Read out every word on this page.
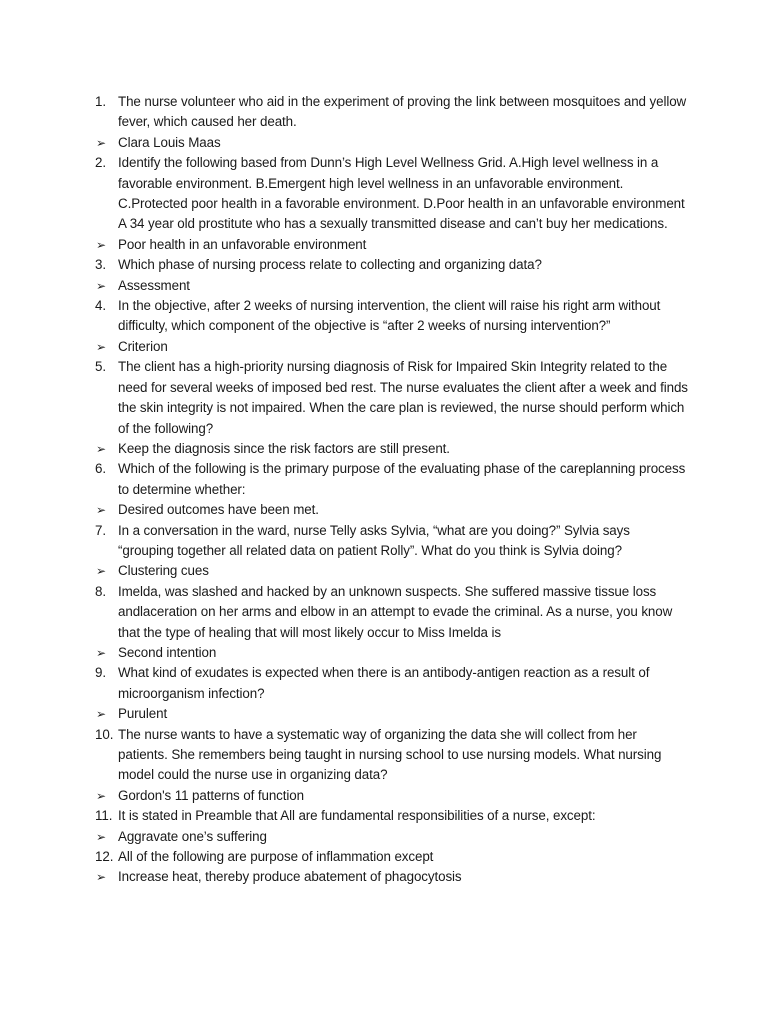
1. The nurse volunteer who aid in the experiment of proving the link between mosquitoes and yellow fever, which caused her death.
➢ Clara Louis Maas
2. Identify the following based from Dunn’s High Level Wellness Grid. A.High level wellness in a favorable environment. B.Emergent high level wellness in an unfavorable environment. C.Protected poor health in a favorable environment. D.Poor health in an unfavorable environment A 34 year old prostitute who has a sexually transmitted disease and can’t buy her medications.
➢ Poor health in an unfavorable environment
3. Which phase of nursing process relate to collecting and organizing data?
➢ Assessment
4. In the objective, after 2 weeks of nursing intervention, the client will raise his right arm without difficulty, which component of the objective is “after 2 weeks of nursing intervention?”
➢ Criterion
5. The client has a high-priority nursing diagnosis of Risk for Impaired Skin Integrity related to the need for several weeks of imposed bed rest. The nurse evaluates the client after a week and finds the skin integrity is not impaired. When the care plan is reviewed, the nurse should perform which of the following?
➢ Keep the diagnosis since the risk factors are still present.
6. Which of the following is the primary purpose of the evaluating phase of the careplanning process to determine whether:
➢ Desired outcomes have been met.
7. In a conversation in the ward, nurse Telly asks Sylvia, “what are you doing?” Sylvia says “grouping together all related data on patient Rolly”. What do you think is Sylvia doing?
➢ Clustering cues
8. Imelda, was slashed and hacked by an unknown suspects. She suffered massive tissue loss andlaceration on her arms and elbow in an attempt to evade the criminal. As a nurse, you know that the type of healing that will most likely occur to Miss Imelda is
➢ Second intention
9. What kind of exudates is expected when there is an antibody-antigen reaction as a result of microorganism infection?
➢ Purulent
10. The nurse wants to have a systematic way of organizing the data she will collect from her patients. She remembers being taught in nursing school to use nursing models. What nursing model could the nurse use in organizing data?
➢ Gordon's 11 patterns of function
11. It is stated in Preamble that All are fundamental responsibilities of a nurse, except:
➢ Aggravate one’s suffering
12. All of the following are purpose of inflammation except
➢ Increase heat, thereby produce abatement of phagocytosis
